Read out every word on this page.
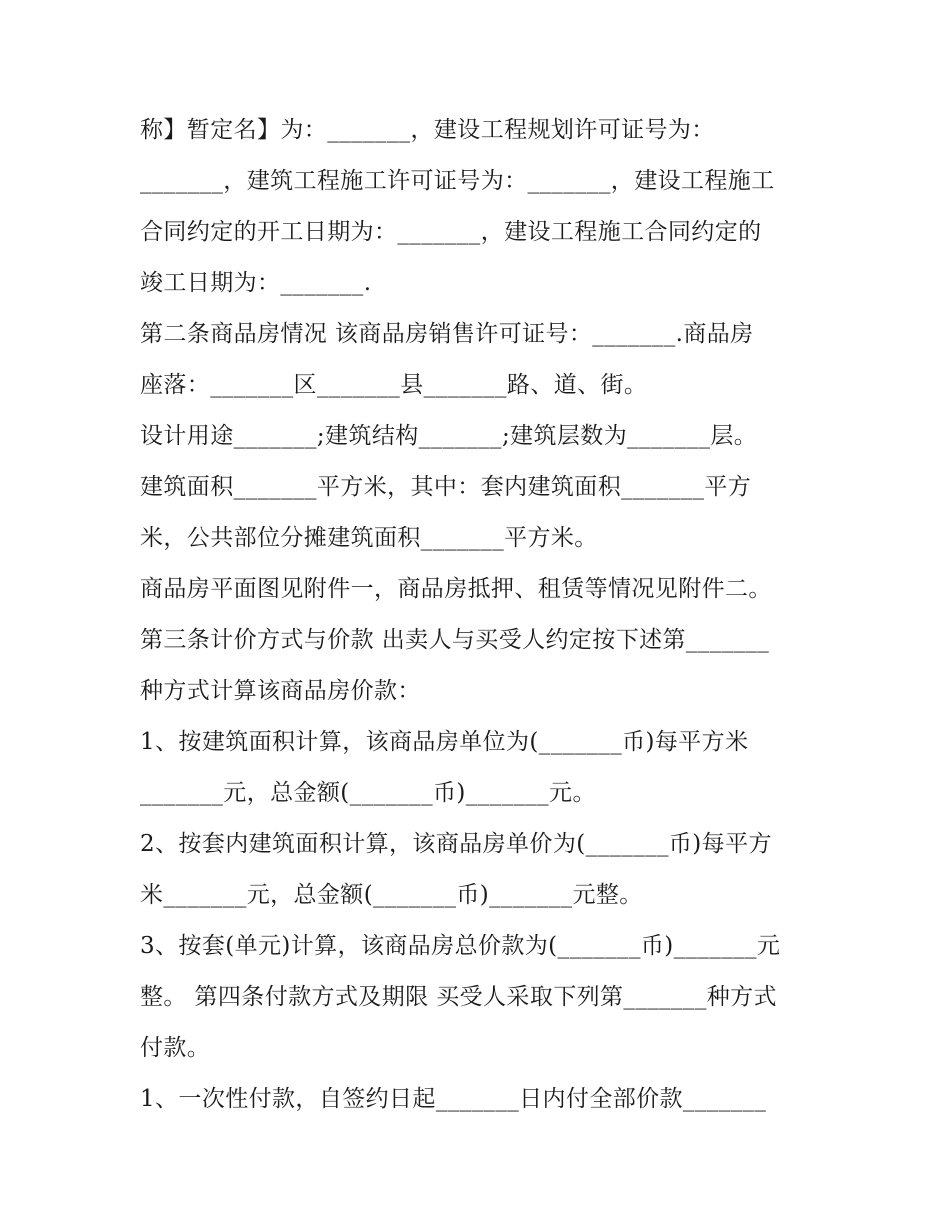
称】暂定名】为：_______，建设工程规划许可证号为：
_______，建筑工程施工许可证号为：_______，建设工程施工
合同约定的开工日期为：_______，建设工程施工合同约定的
竣工日期为：_______.
第二条商品房情况 该商品房销售许可证号：_______.商品房
座落：_______区_______县_______路、道、街。
设计用途_______;建筑结构_______;建筑层数为_______层。
建筑面积_______平方米，其中：套内建筑面积_______平方
米，公共部位分摊建筑面积_______平方米。
商品房平面图见附件一，商品房抵押、租赁等情况见附件二。
第三条计价方式与价款 出卖人与买受人约定按下述第_______
种方式计算该商品房价款：
1、按建筑面积计算，该商品房单位为(_______币)每平方米
_______元，总金额(_______币)_______元。
2、按套内建筑面积计算，该商品房单价为(_______币)每平方
米_______元，总金额(_______币)_______元整。
3、按套(单元)计算，该商品房总价款为(_______币)_______元
整。 第四条付款方式及期限 买受人采取下列第_______种方式
付款。
1、一次性付款，自签约日起_______日内付全部价款_______
